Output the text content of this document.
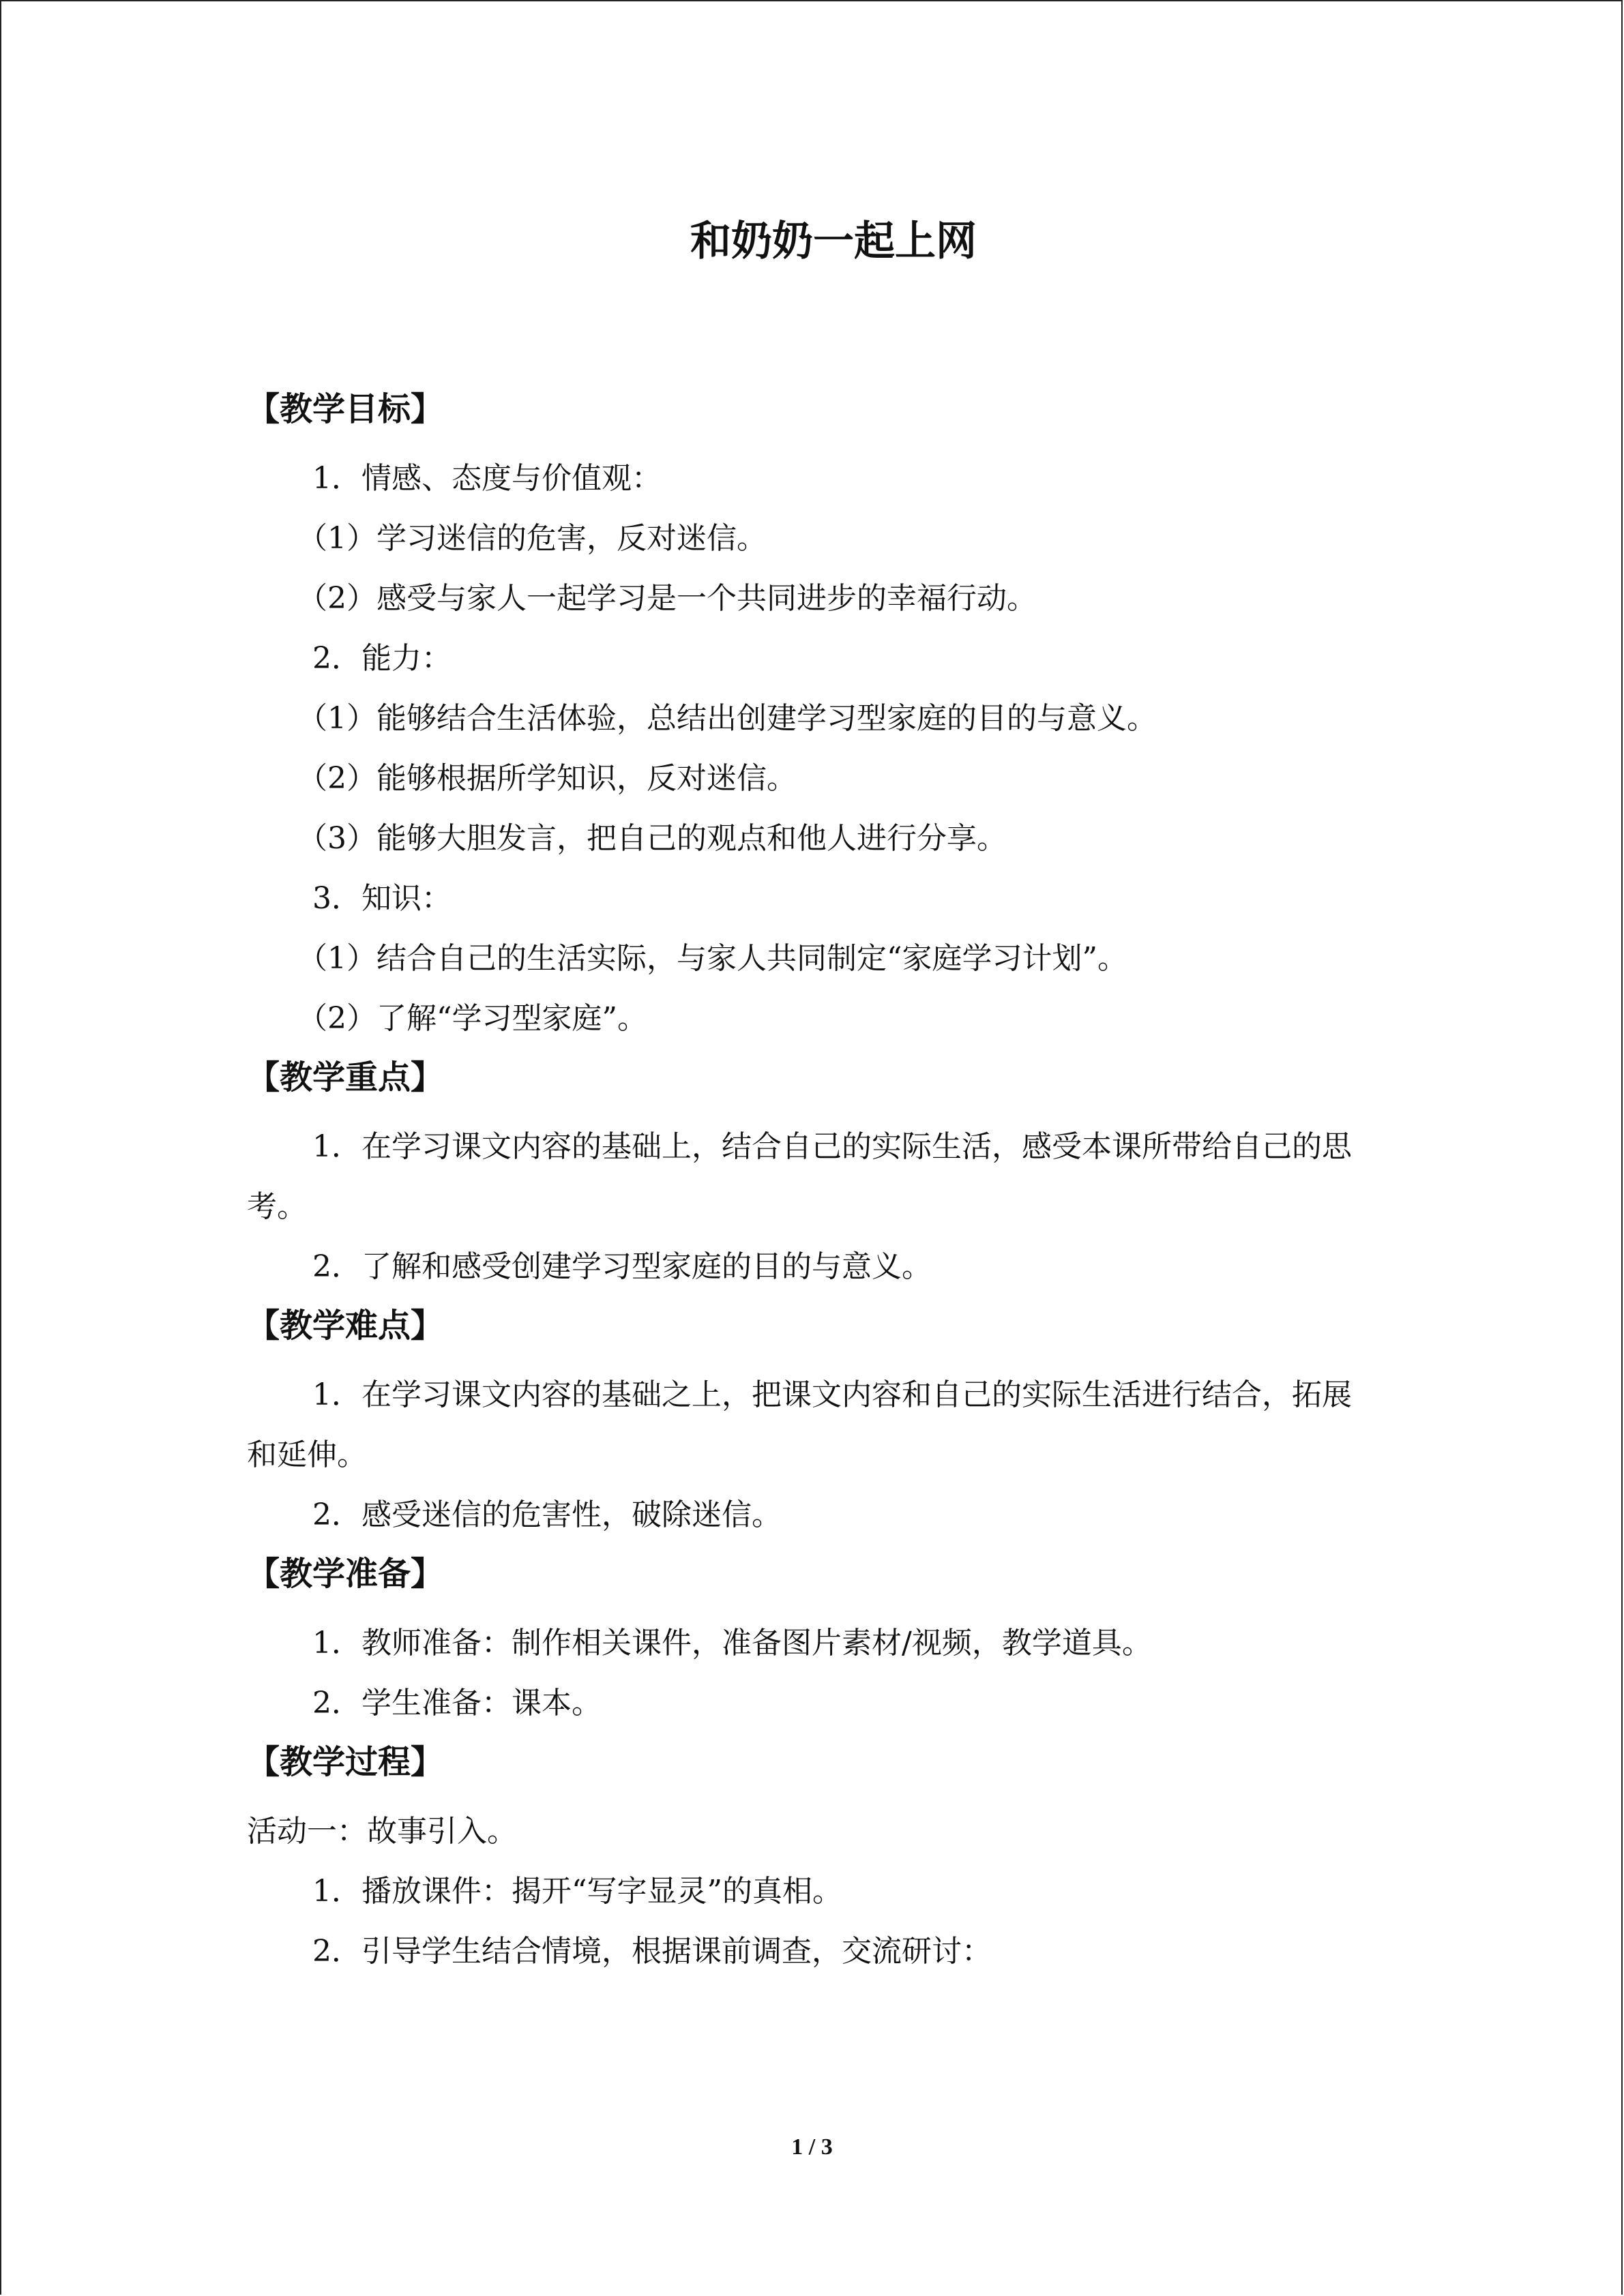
和奶奶一起上网
【教学目标】

1．情感、态度与价值观：

（1）学习迷信的危害，反对迷信。

（2）感受与家人一起学习是一个共同进步的幸福行动。

2．能力：

（1）能够结合生活体验，总结出创建学习型家庭的目的与意义。

（2）能够根据所学知识，反对迷信。

（3）能够大胆发言，把自己的观点和他人进行分享。

3．知识：

（1）结合自己的生活实际，与家人共同制定“家庭学习计划”。

（2）了解“学习型家庭”。

【教学重点】

1．在学习课文内容的基础上，结合自己的实际生活，感受本课所带给自己的思考。

2．了解和感受创建学习型家庭的目的与意义。

【教学难点】

1．在学习课文内容的基础之上，把课文内容和自己的实际生活进行结合，拓展和延伸。

2．感受迷信的危害性，破除迷信。

【教学准备】

1．教师准备：制作相关课件，准备图片素材/视频，教学道具。

2．学生准备：课本。

【教学过程】

活动一：故事引入。

1．播放课件：揭开“写字显灵”的真相。

2．引导学生结合情境，根据课前调查，交流研讨：

1 / 3
